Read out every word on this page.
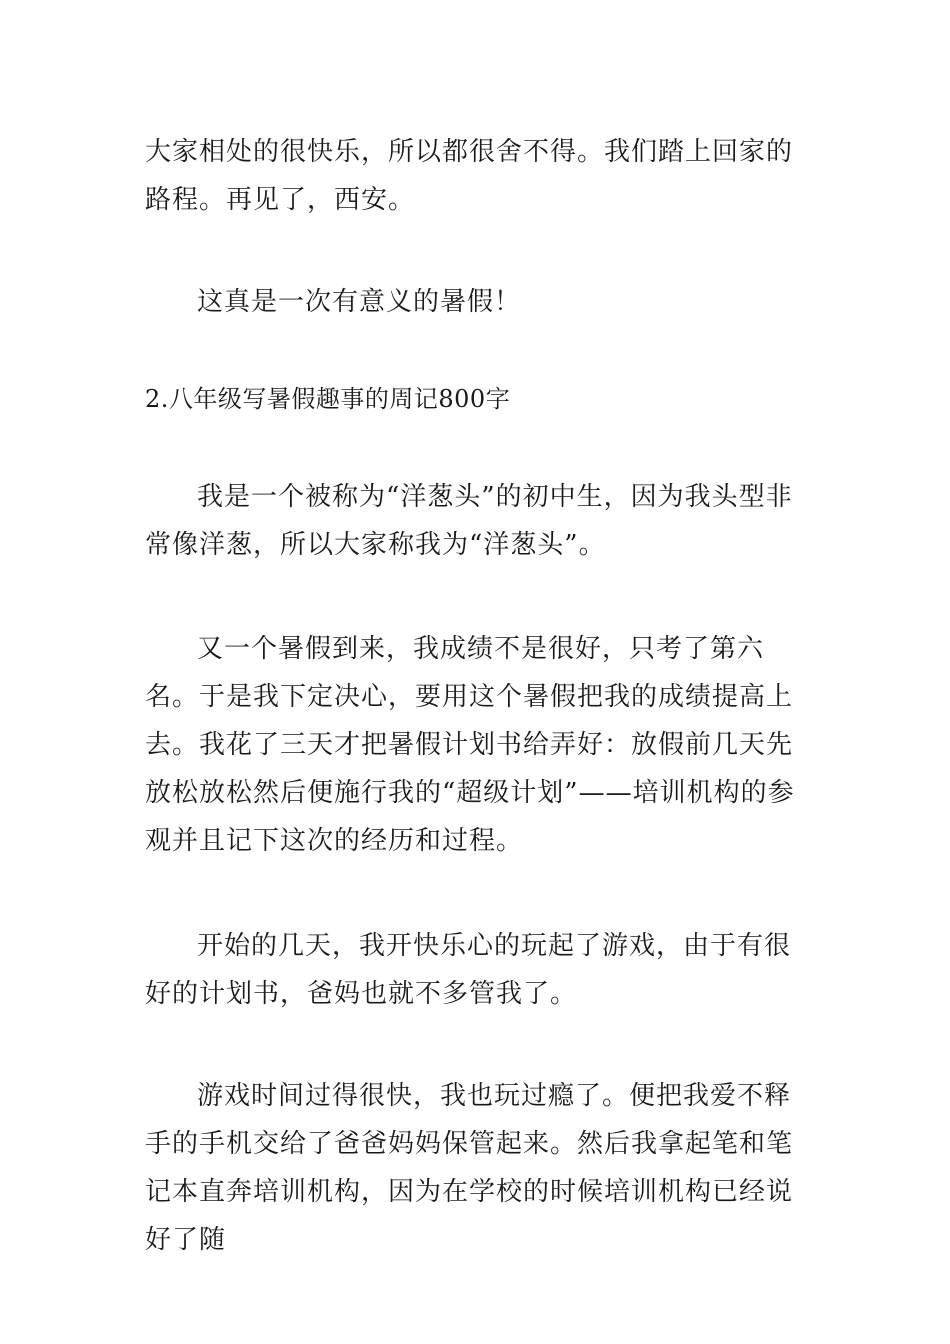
大家相处的很快乐，所以都很舍不得。我们踏上回家的路程。再见了，西安。

这真是一次有意义的暑假！

2.八年级写暑假趣事的周记800字

我是一个被称为“洋葱头”的初中生，因为我头型非常像洋葱，所以大家称我为“洋葱头”。

又一个暑假到来，我成绩不是很好，只考了第六名。于是我下定决心，要用这个暑假把我的成绩提高上去。我花了三天才把暑假计划书给弄好：放假前几天先放松放松然后便施行我的“超级计划”——培训机构的参观并且记下这次的经历和过程。

开始的几天，我开快乐心的玩起了游戏，由于有很好的计划书，爸妈也就不多管我了。

游戏时间过得很快，我也玩过瘾了。便把我爱不释手的手机交给了爸爸妈妈保管起来。然后我拿起笔和笔记本直奔培训机构，因为在学校的时候培训机构已经说好了随
